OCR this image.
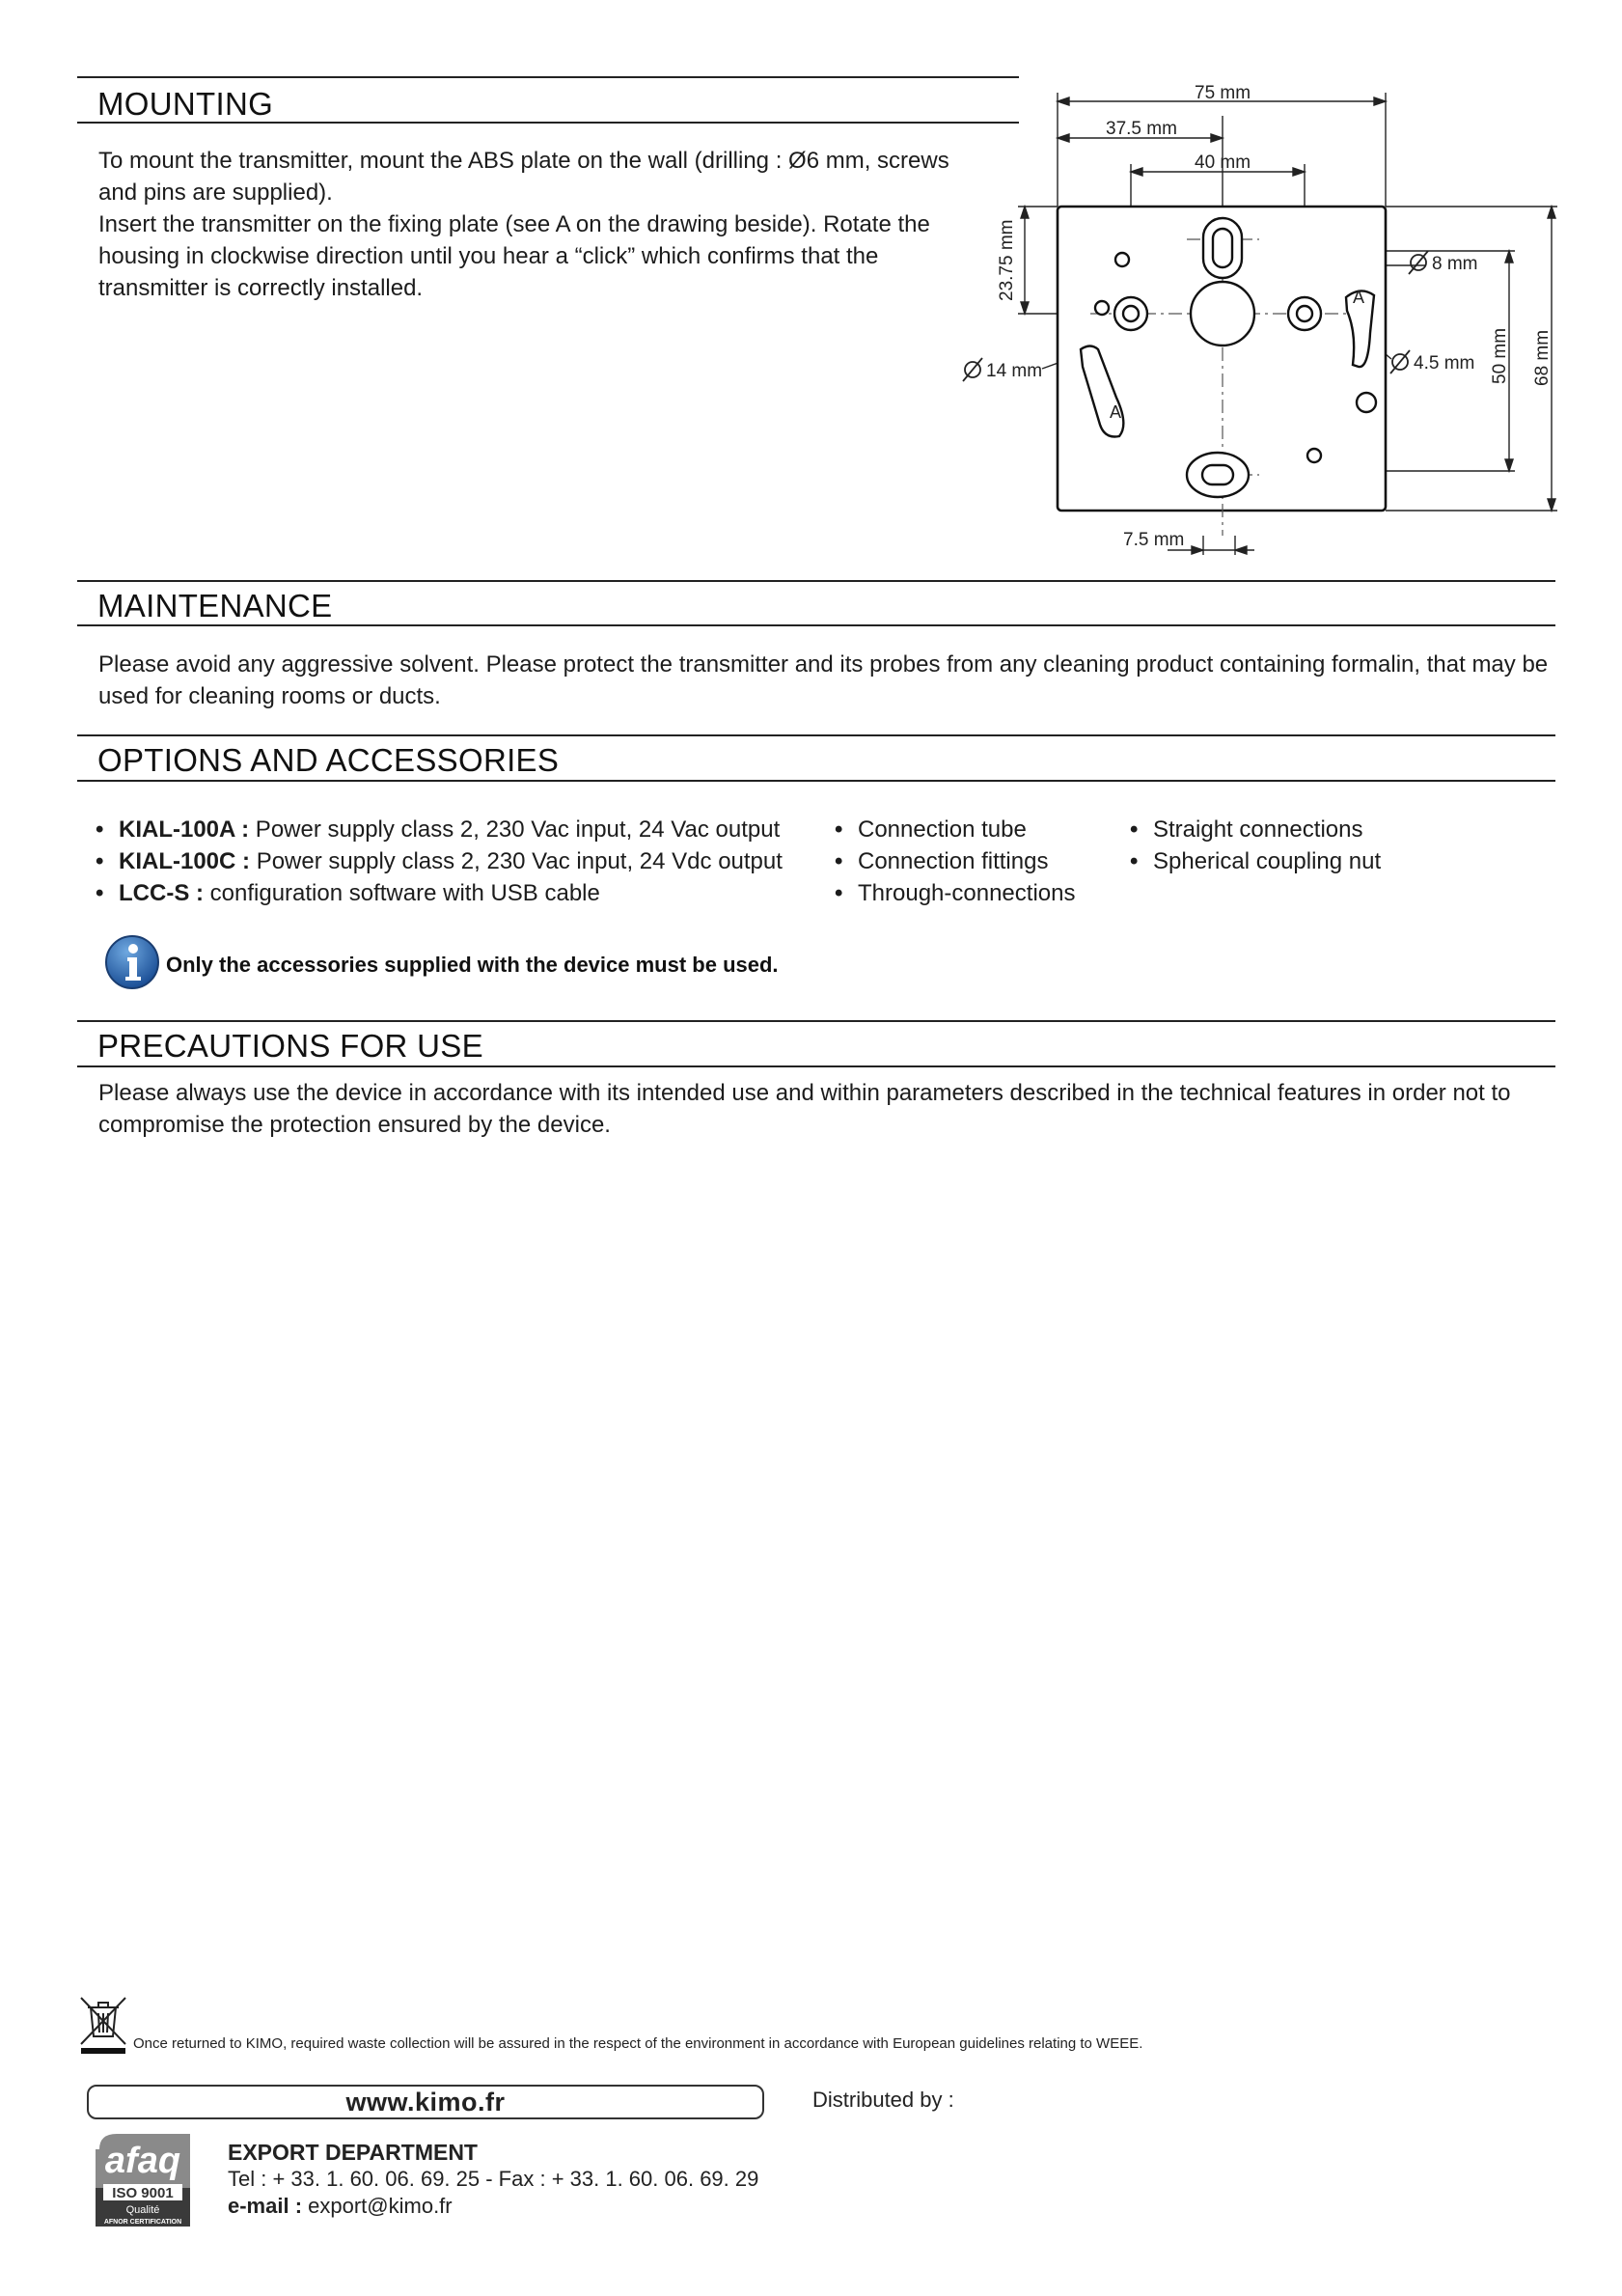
MOUNTING

To mount the transmitter, mount the ABS plate on the wall (drilling : Ø6 mm, screws and pins are supplied).

Insert the transmitter on the fixing plate (see A on the drawing beside). Rotate the housing in clockwise direction until you hear a “click” which confirms that the transmitter is correctly installed.

75 mm
37.5 mm
40 mm
23.75 mm	8 mm
14 mm	4.5 mm 50 mm 68 mm
7.5 mm
A
A
MAINTENANCE
Please avoid any aggressive solvent. Please protect the transmitter and its probes from any cleaning product containing formalin, that may be used for cleaning rooms or ducts.
OPTIONS AND ACCESSORIES
• KIAL-100A : Power supply class 2, 230 Vac input, 24 Vac output
• KIAL-100C : Power supply class 2, 230 Vac input, 24 Vdc output
• LCC-S : configuration software with USB cable
• Connection tube
• Connection fittings
• Through-connections
• Straight connections
• Spherical coupling nut
Only the accessories supplied with the device must be used.
PRECAUTIONS FOR USE
Please always use the device in accordance with its intended use and within parameters described in the technical features in order not to compromise the protection ensured by the device.
Once returned to KIMO, required waste collection will be assured in the respect of the environment in accordance with European guidelines relating to WEEE.
www.kimo.fr	Distributed by :
afaq
ISO 9001
Qualité
AFNOR CERTIFICATION
EXPORT DEPARTMENT
Tel : + 33. 1. 60. 06. 69. 25 - Fax : + 33. 1. 60. 06. 69. 29
e-mail : export@kimo.fr
